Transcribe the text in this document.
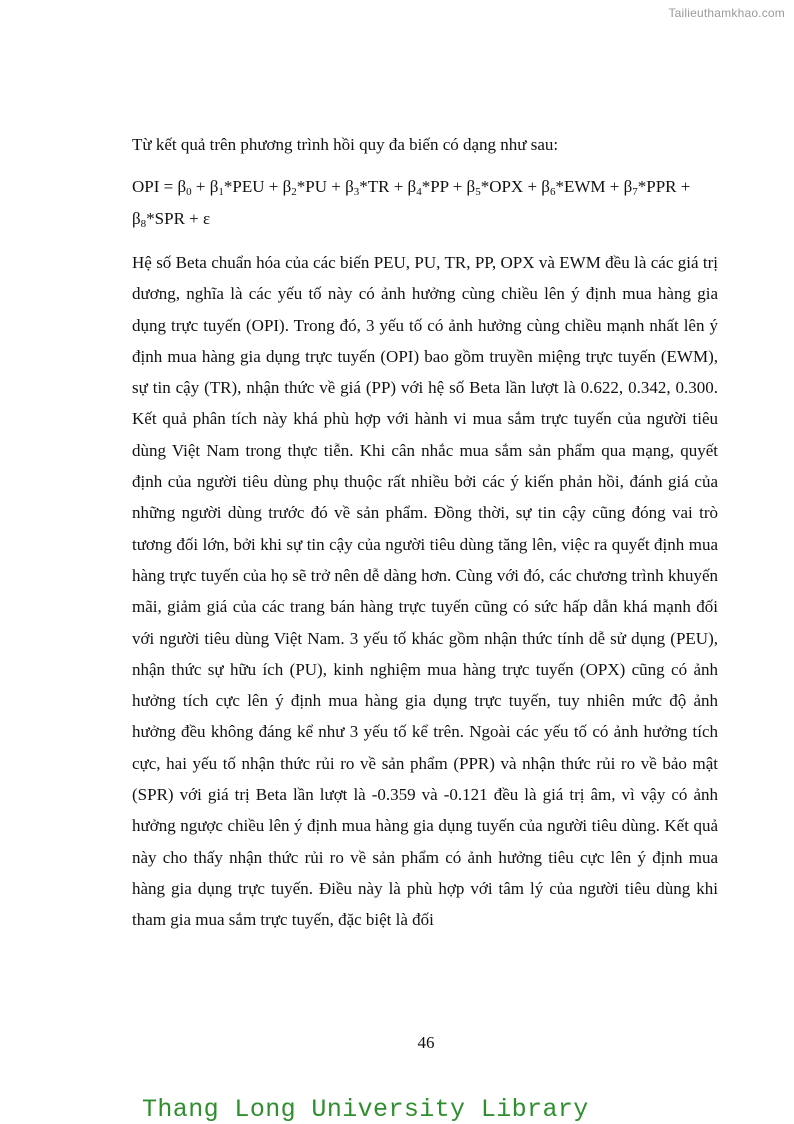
Tailieuthamkhao.com

Từ kết quả trên phương trình hồi quy đa biến có dạng như sau:

OPI = $\beta_0 + \beta_1*PEU + \beta_2*PU + \beta_3*TR + \beta_4*PP + \beta_5*OPX + \beta_6*EWM + \beta_7*PPR$ +
$\beta_8*SPR + \varepsilon$

Hệ số Beta chuẩn hóa của các biến PEU, PU, TR, PP, OPX và EWM đều là các giá trị dương, nghĩa là các yếu tố này có ảnh hưởng cùng chiều lên ý định mua hàng gia dụng trực tuyến (OPI). Trong đó, 3 yếu tố có ảnh hưởng cùng chiều mạnh nhất lên ý định mua hàng gia dụng trực tuyến (OPI) bao gồm truyền miệng trực tuyến (EWM), sự tin cậy (TR), nhận thức về giá (PP) với hệ số Beta lần lượt là 0.622, 0.342, 0.300. Kết quả phân tích này khá phù hợp với hành vi mua sắm trực tuyến của người tiêu dùng Việt Nam trong thực tiễn. Khi cân nhắc mua sắm sản phẩm qua mạng, quyết định của người tiêu dùng phụ thuộc rất nhiều bởi các ý kiến phản hồi, đánh giá của những người dùng trước đó về sản phẩm. Đồng thời, sự tin cậy cũng đóng vai trò tương đối lớn, bởi khi sự tin cậy của người tiêu dùng tăng lên, việc ra quyết định mua hàng trực tuyến của họ sẽ trở nên dễ dàng hơn. Cùng với đó, các chương trình khuyến mãi, giảm giá của các trang bán hàng trực tuyến cũng có sức hấp dẫn khá mạnh đối với người tiêu dùng Việt Nam. 3 yếu tố khác gồm nhận thức tính dễ sử dụng (PEU), nhận thức sự hữu ích (PU), kinh nghiệm mua hàng trực tuyến (OPX) cũng có ảnh hưởng tích cực lên ý định mua hàng gia dụng trực tuyến, tuy nhiên mức độ ảnh hưởng đều không đáng kể như 3 yếu tố kể trên. Ngoài các yếu tố có ảnh hưởng tích cực, hai yếu tố nhận thức rủi ro về sản phẩm (PPR) và nhận thức rủi ro về bảo mật (SPR) với giá trị Beta lần lượt là -0.359 và -0.121 đều là giá trị âm, vì vậy có ảnh hưởng ngược chiều lên ý định mua hàng gia dụng tuyến của người tiêu dùng. Kết quả này cho thấy nhận thức rủi ro về sản phẩm có ảnh hưởng tiêu cực lên ý định mua hàng gia dụng trực tuyến. Điều này là phù hợp với tâm lý của người tiêu dùng khi tham gia mua sắm trực tuyến, đặc biệt là đối

46
Thang Long University Library
